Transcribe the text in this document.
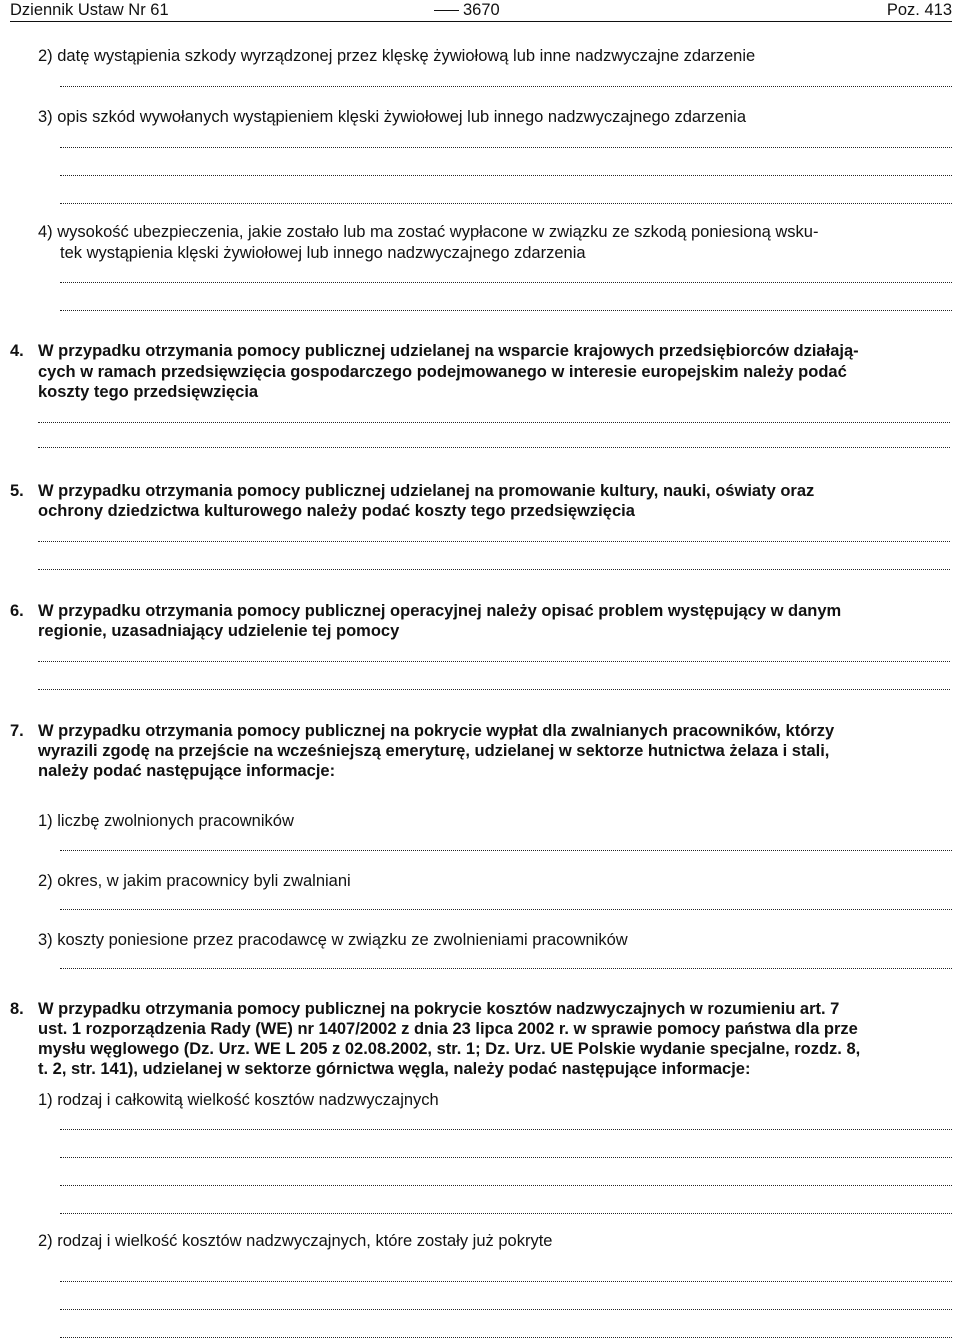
Dziennik Ustaw Nr 61	3670	Poz. 413
2) datę wystąpienia szkody wyrządzonej przez klęskę żywiołową lub inne nadzwyczajne zdarzenie
3) opis szkód wywołanych wystąpieniem klęski żywiołowej lub innego nadzwyczajnego zdarzenia
4) wysokość ubezpieczenia, jakie zostało lub ma zostać wypłacone w związku ze szkodą poniesioną wsku-
tek wystąpienia klęski żywiołowej lub innego nadzwyczajnego zdarzenia
4. W przypadku otrzymania pomocy publicznej udzielanej na wsparcie krajowych przedsiębiorców działają-
cych w ramach przedsięwzięcia gospodarczego podejmowanego w interesie europejskim należy podać
koszty tego przedsięwzięcia
5. W przypadku otrzymania pomocy publicznej udzielanej na promowanie kultury, nauki, oświaty oraz
ochrony dziedzictwa kulturowego należy podać koszty tego przedsięwzięcia
6. W przypadku otrzymania pomocy publicznej operacyjnej należy opisać problem występujący w danym
regionie, uzasadniający udzielenie tej pomocy
7. W przypadku otrzymania pomocy publicznej na pokrycie wypłat dla zwalnianych pracowników, którzy
wyrazili zgodę na przejście na wcześniejszą emeryturę, udzielanej w sektorze hutnictwa żelaza i stali,
należy podać następujące informacje:
1) liczbę zwolnionych pracowników
2) okres, w jakim pracownicy byli zwalniani
3) koszty poniesione przez pracodawcę w związku ze zwolnieniami pracowników
8. W przypadku otrzymania pomocy publicznej na pokrycie kosztów nadzwyczajnych w rozumieniu art. 7
ust. 1 rozporządzenia Rady (WE) nr 1407/2002 z dnia 23 lipca 2002 r. w sprawie pomocy państwa dla prze
mysłu węglowego (Dz. Urz. WE L 205 z 02.08.2002, str. 1; Dz. Urz. UE Polskie wydanie specjalne, rozdz. 8,
t. 2, str. 141), udzielanej w sektorze górnictwa węgla, należy podać następujące informacje:
1) rodzaj i całkowitą wielkość kosztów nadzwyczajnych
2) rodzaj i wielkość kosztów nadzwyczajnych, które zostały już pokryte
